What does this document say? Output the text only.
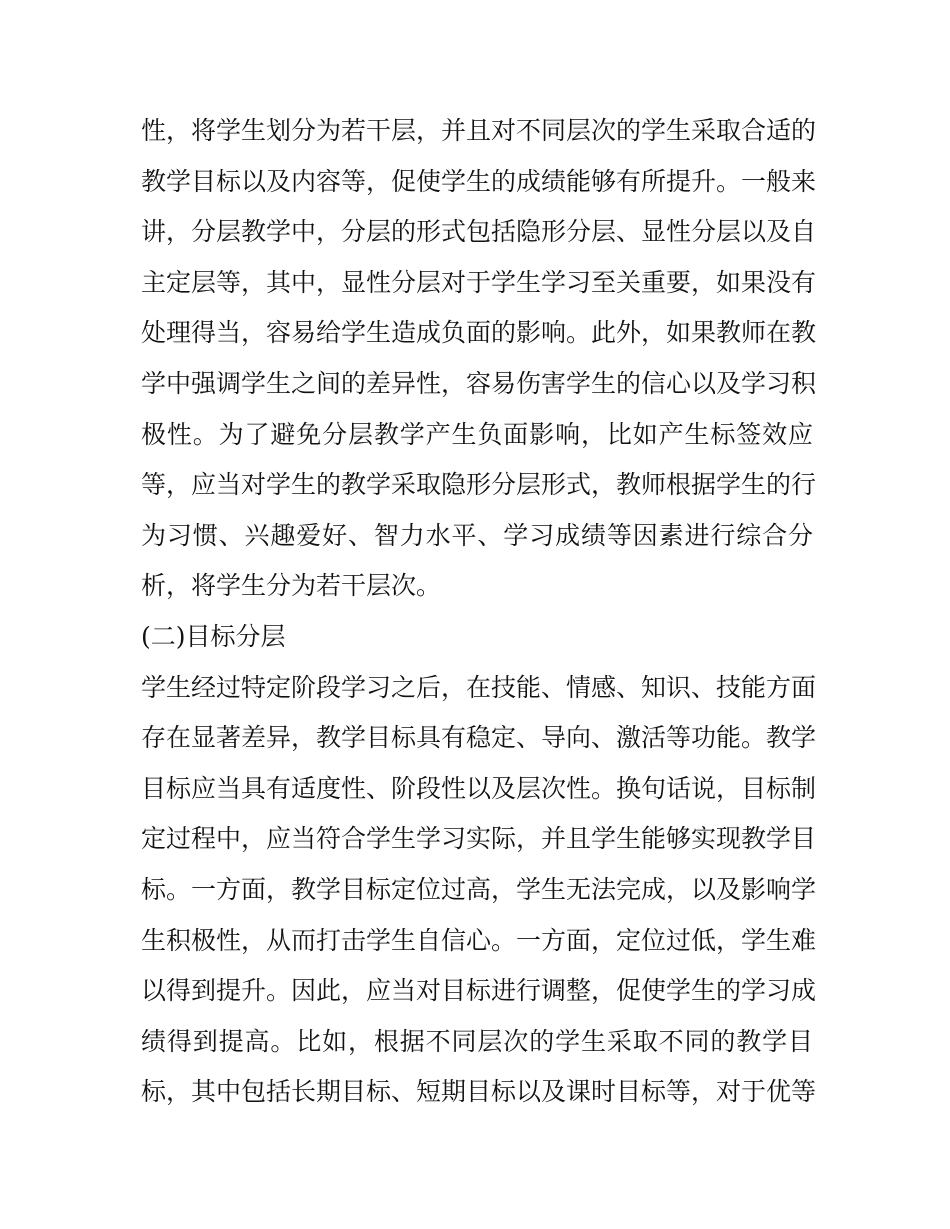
性，将学生划分为若干层，并且对不同层次的学生采取合适的
教学目标以及内容等，促使学生的成绩能够有所提升。一般来
讲，分层教学中，分层的形式包括隐形分层、显性分层以及自
主定层等，其中，显性分层对于学生学习至关重要，如果没有
处理得当，容易给学生造成负面的影响。此外，如果教师在教
学中强调学生之间的差异性，容易伤害学生的信心以及学习积
极性。为了避免分层教学产生负面影响，比如产生标签效应
等，应当对学生的教学采取隐形分层形式，教师根据学生的行
为习惯、兴趣爱好、智力水平、学习成绩等因素进行综合分
析，将学生分为若干层次。
(二)目标分层
学生经过特定阶段学习之后，在技能、情感、知识、技能方面
存在显著差异，教学目标具有稳定、导向、激活等功能。教学
目标应当具有适度性、阶段性以及层次性。换句话说，目标制
定过程中，应当符合学生学习实际，并且学生能够实现教学目
标。一方面，教学目标定位过高，学生无法完成，以及影响学
生积极性，从而打击学生自信心。一方面，定位过低，学生难
以得到提升。因此，应当对目标进行调整，促使学生的学习成
绩得到提高。比如，根据不同层次的学生采取不同的教学目
标，其中包括长期目标、短期目标以及课时目标等，对于优等
